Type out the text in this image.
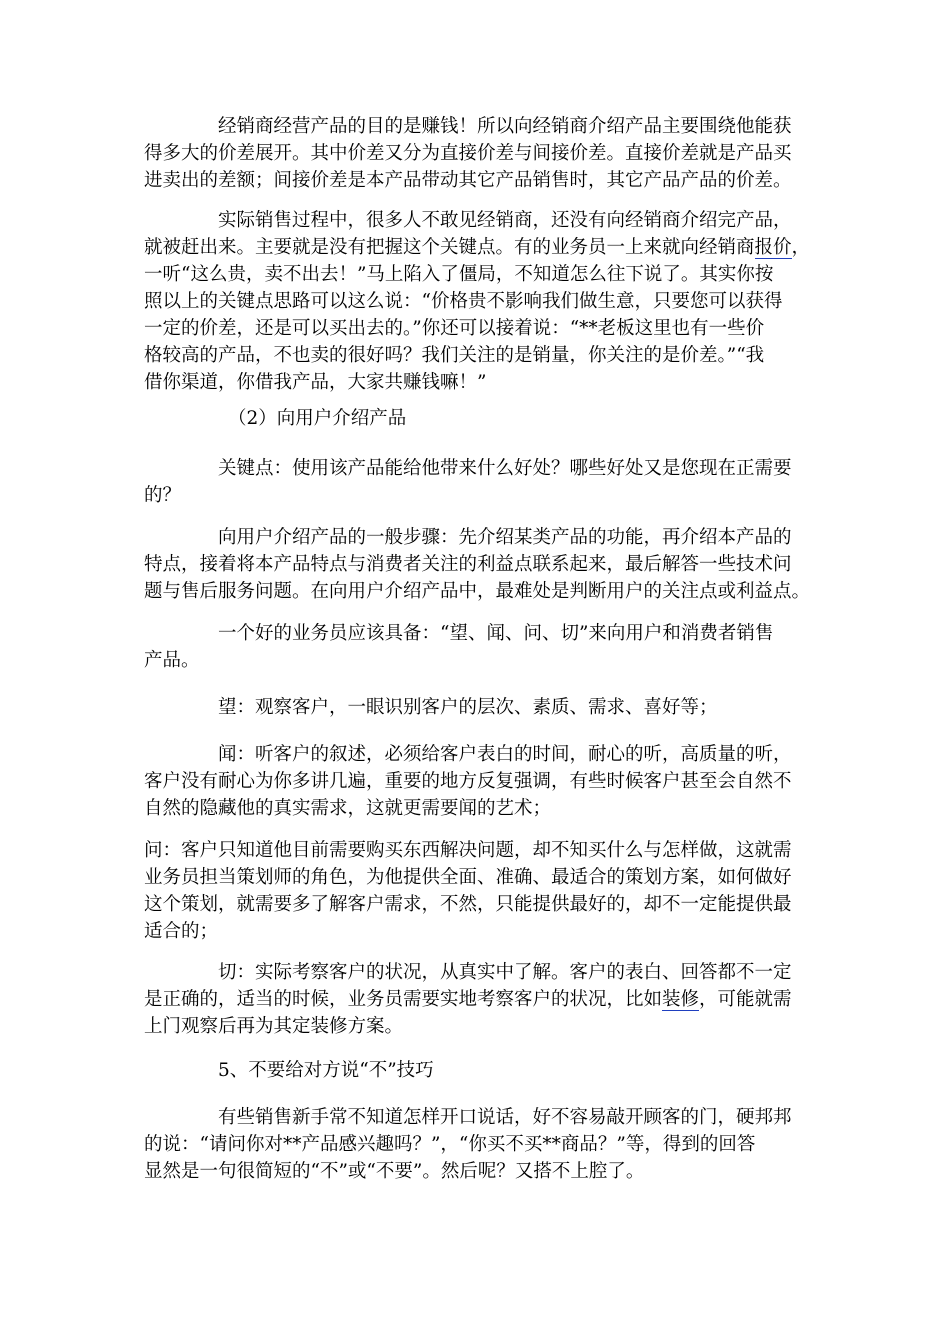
经销商经营产品的目的是赚钱！所以向经销商介绍产品主要围绕他能获
得多大的价差展开。其中价差又分为直接价差与间接价差。直接价差就是产品买
进卖出的差额；间接价差是本产品带动其它产品销售时，其它产品产品的价差。
实际销售过程中，很多人不敢见经销商，还没有向经销商介绍完产品，
就被赶出来。主要就是没有把握这个关键点。有的业务员一上来就向经销商报价，
一听“这么贵，卖不出去！”马上陷入了僵局，不知道怎么往下说了。其实你按
照以上的关键点思路可以这么说：“价格贵不影响我们做生意，只要您可以获得
一定的价差，还是可以买出去的。”你还可以接着说：“**老板这里也有一些价
格较高的产品，不也卖的很好吗？我们关注的是销量，你关注的是价差。”“我
借你渠道，你借我产品，大家共赚钱嘛！”
（2）向用户介绍产品
关键点：使用该产品能给他带来什么好处？哪些好处又是您现在正需要
的？
向用户介绍产品的一般步骤：先介绍某类产品的功能，再介绍本产品的
特点，接着将本产品特点与消费者关注的利益点联系起来，最后解答一些技术问
题与售后服务问题。在向用户介绍产品中，最难处是判断用户的关注点或利益点。
一个好的业务员应该具备：“望、闻、问、切”来向用户和消费者销售
产品。
望：观察客户，一眼识别客户的层次、素质、需求、喜好等；
闻：听客户的叙述，必须给客户表白的时间，耐心的听，高质量的听，
客户没有耐心为你多讲几遍，重要的地方反复强调，有些时候客户甚至会自然不
自然的隐藏他的真实需求，这就更需要闻的艺术；
问：客户只知道他目前需要购买东西解决问题，却不知买什么与怎样做，这就需
业务员担当策划师的角色，为他提供全面、准确、最适合的策划方案，如何做好
这个策划，就需要多了解客户需求，不然，只能提供最好的，却不一定能提供最
适合的；
切：实际考察客户的状况，从真实中了解。客户的表白、回答都不一定
是正确的，适当的时候，业务员需要实地考察客户的状况，比如装修，可能就需
上门观察后再为其定装修方案。
5、不要给对方说“不”技巧
有些销售新手常不知道怎样开口说话，好不容易敲开顾客的门，硬邦邦
的说：“请问你对**产品感兴趣吗？”，“你买不买**商品？”等，得到的回答
显然是一句很简短的“不”或“不要”。然后呢？又搭不上腔了。
